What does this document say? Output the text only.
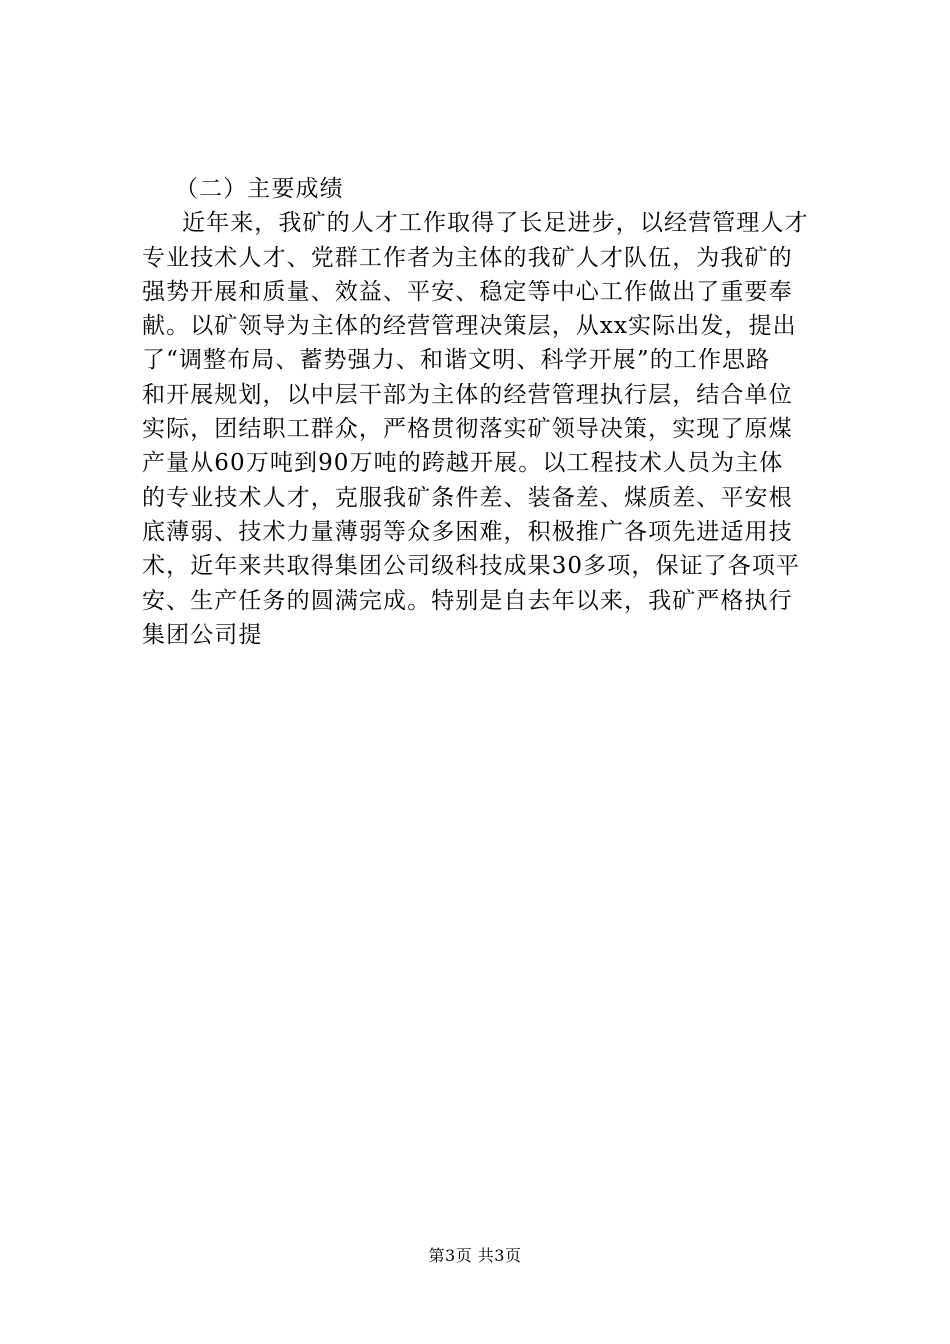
（二）主要成绩
近年来，我矿的人才工作取得了长足进步，以经营管理人才
专业技术人才、党群工作者为主体的我矿人才队伍，为我矿的
强势开展和质量、效益、平安、稳定等中心工作做出了重要奉
献。以矿领导为主体的经营管理决策层，从xx实际出发，提出
了“调整布局、蓄势强力、和谐文明、科学开展”的工作思路
和开展规划，以中层干部为主体的经营管理执行层，结合单位
实际，团结职工群众，严格贯彻落实矿领导决策，实现了原煤
产量从60万吨到90万吨的跨越开展。以工程技术人员为主体
的专业技术人才，克服我矿条件差、装备差、煤质差、平安根
底薄弱、技术力量薄弱等众多困难，积极推广各项先进适用技
术，近年来共取得集团公司级科技成果30多项，保证了各项平
安、生产任务的圆满完成。特别是自去年以来，我矿严格执行
集团公司提
第3页 共3页
